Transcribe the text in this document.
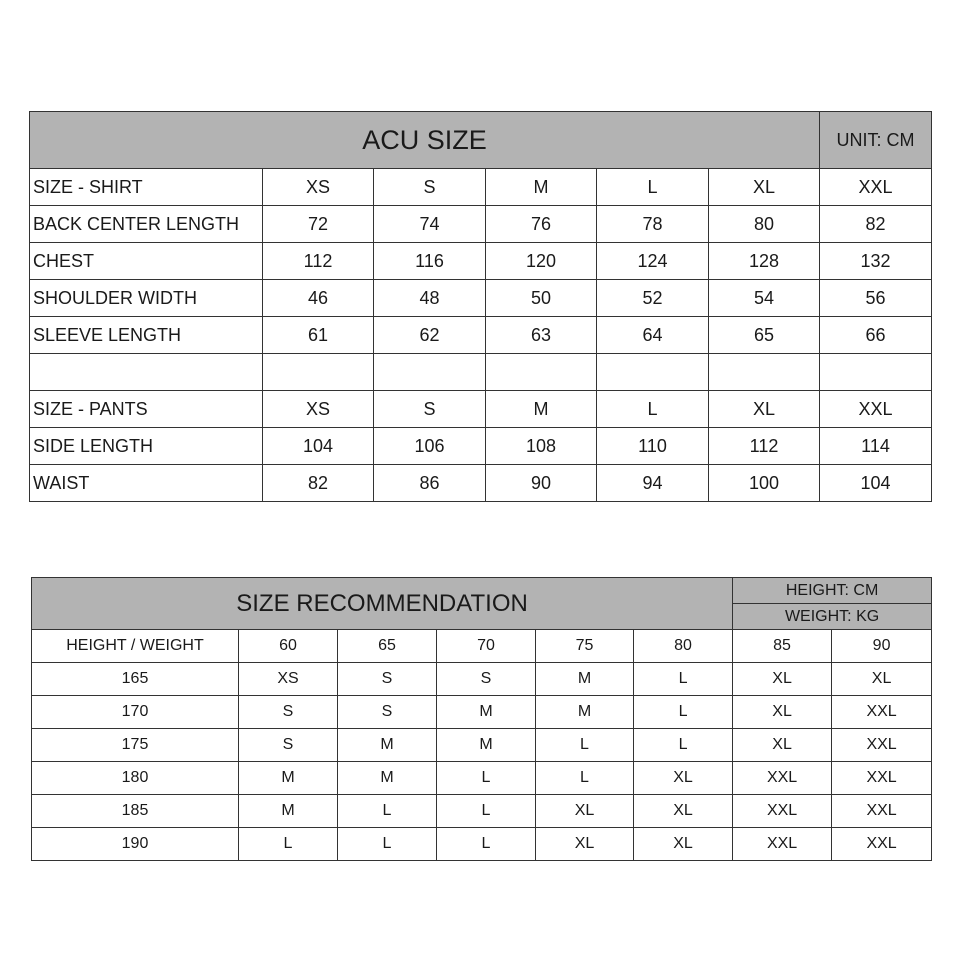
ACU SIZE						UNIT: CM
SIZE - SHIRT	XS	S	M	L	XL	XXL
BACK CENTER LENGTH	72	74	76	78	80	82
CHEST	112	116	120	124	128	132
SHOULDER WIDTH	46	48	50	52	54	56
SLEEVE LENGTH	61	62	63	64	65	66

SIZE - PANTS	XS	S	M	L	XL	XXL
SIDE LENGTH	104	106	108	110	112	114
WAIST	82	86	90	94	100	104
SIZE RECOMMENDATION						HEIGHT: CM	
						WEIGHT: KG	
HEIGHT / WEIGHT	60	65	70	75	80	85	90
165	XS	S	S	M	L	XL	XL
170	S	S	M	M	L	XL	XXL
175	S	M	M	L	L	XL	XXL
180	M	M	L	L	XL	XXL	XXL
185	M	L	L	XL	XL	XXL	XXL
190	L	L	L	XL	XL	XXL	XXL
